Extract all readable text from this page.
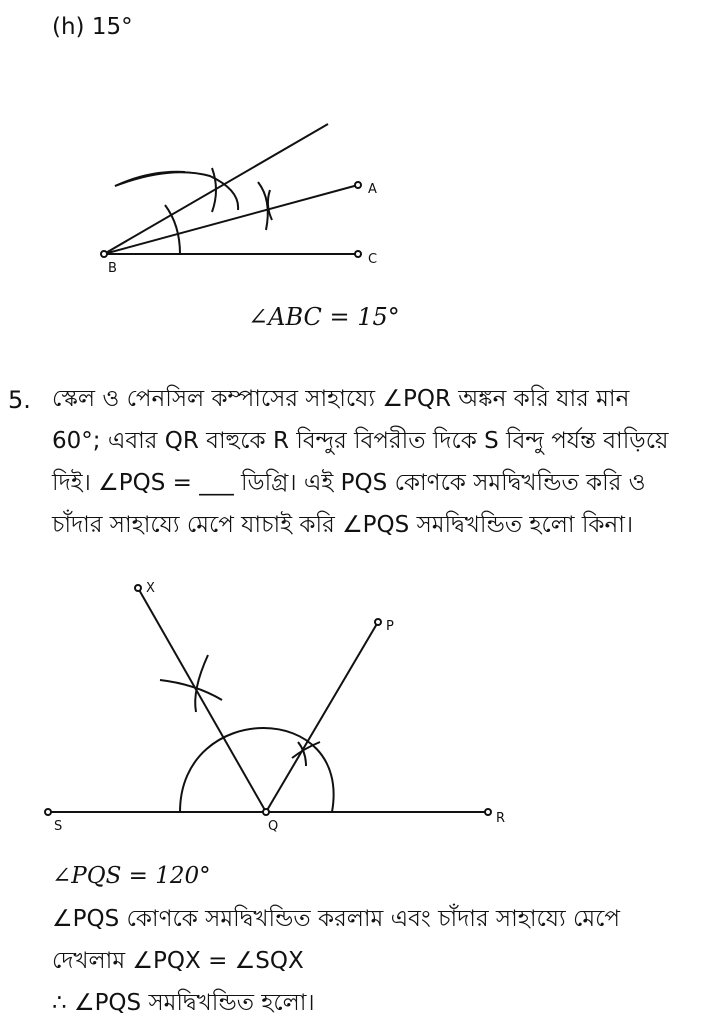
(h) 15°
A
B
C
X
P
S	Q
R
∠ABC = 15°
5. স্কেল ও পেনসিল কম্পাসের সাহায্যে ∠PQR অঙ্কন করি যার মান
60°; এবার QR বাহুকে R বিন্দুর বিপরীত দিকে S বিন্দু পর্যন্ত বাড়িয়ে
দিই। ∠PQS = ___ ডিগ্রি। এই PQS কোণকে সমদ্বিখন্ডিত করি ও
চাঁদার সাহায্যে মেপে যাচাই করি ∠PQS সমদ্বিখন্ডিত হলো কিনা।
∠PQS = 120°
∠PQS কোণকে সমদ্বিখন্ডিত করলাম এবং চাঁদার সাহায্যে মেপে
দেখলাম ∠PQX = ∠SQX
∴ ∠PQS সমদ্বিখন্ডিত হলো।
